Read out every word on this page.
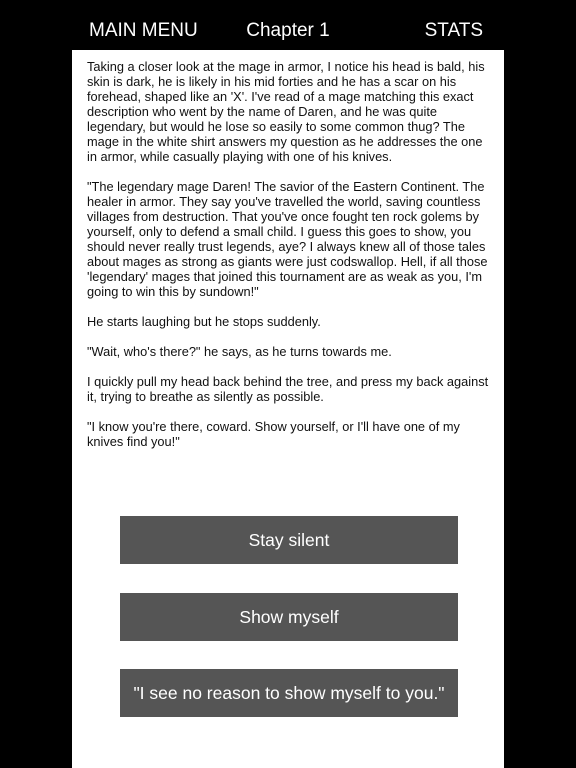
Chapter 1
MAIN MENU	STATS

Taking a closer look at the mage in armor, I notice his head is bald, his skin is dark, he is likely in his mid forties and he has a scar on his forehead, shaped like an 'X'. I've read of a mage matching this exact description who went by the name of Daren, and he was quite legendary, but would he lose so easily to some common thug? The mage in the white shirt answers my question as he addresses the one in armor, while casually playing with one of his knives.

"The legendary mage Daren! The savior of the Eastern Continent. The healer in armor. They say you've travelled the world, saving countless villages from destruction. That you've once fought ten rock golems by yourself, only to defend a small child. I guess this goes to show, you should never really trust legends, aye? I always knew all of those tales about mages as strong as giants were just codswallop. Hell, if all those 'legendary' mages that joined this tournament are as weak as you, I'm going to win this by sundown!"

He starts laughing but he stops suddenly.

"Wait, who's there?" he says, as he turns towards me.

I quickly pull my head back behind the tree, and press my back against it, trying to breathe as silently as possible.

"I know you're there, coward. Show yourself, or I'll have one of my knives find you!"

Stay silent
Show myself
"I see no reason to show myself to you."
